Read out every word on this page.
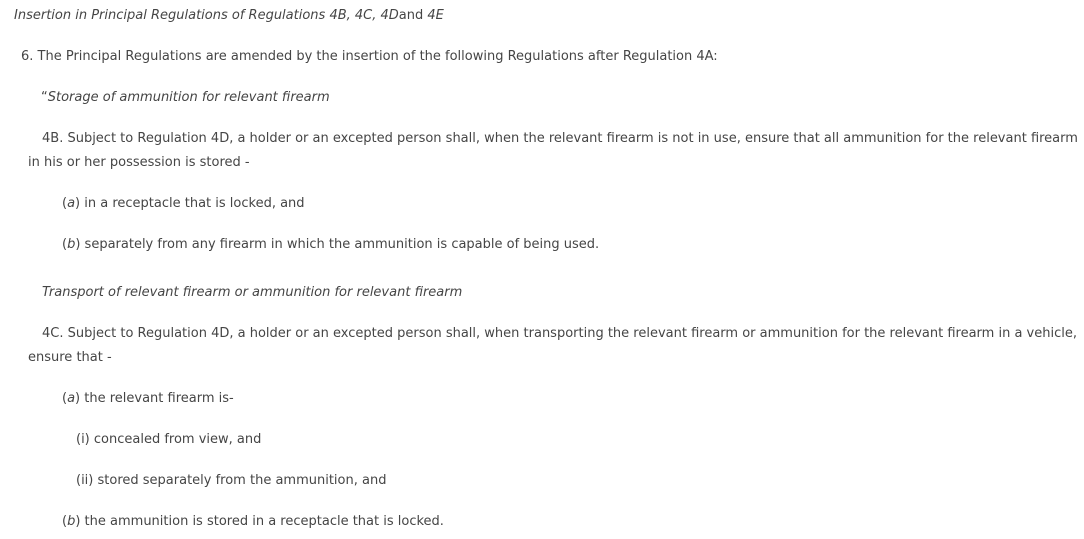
Insertion in Principal Regulations of Regulations 4B, 4C, 4Dand 4E
6. The Principal Regulations are amended by the insertion of the following Regulations after Regulation 4A:
“Storage of ammunition for relevant firearm
4B. Subject to Regulation 4D, a holder or an excepted person shall, when the relevant firearm is not in use, ensure that all ammunition for the relevant firearm
in his or her possession is stored -
(a) in a receptacle that is locked, and
(b) separately from any firearm in which the ammunition is capable of being used.
Transport of relevant firearm or ammunition for relevant firearm
4C. Subject to Regulation 4D, a holder or an excepted person shall, when transporting the relevant firearm or ammunition for the relevant firearm in a vehicle,
ensure that -
(a) the relevant firearm is-
(i) concealed from view, and
(ii) stored separately from the ammunition, and
(b) the ammunition is stored in a receptacle that is locked.
